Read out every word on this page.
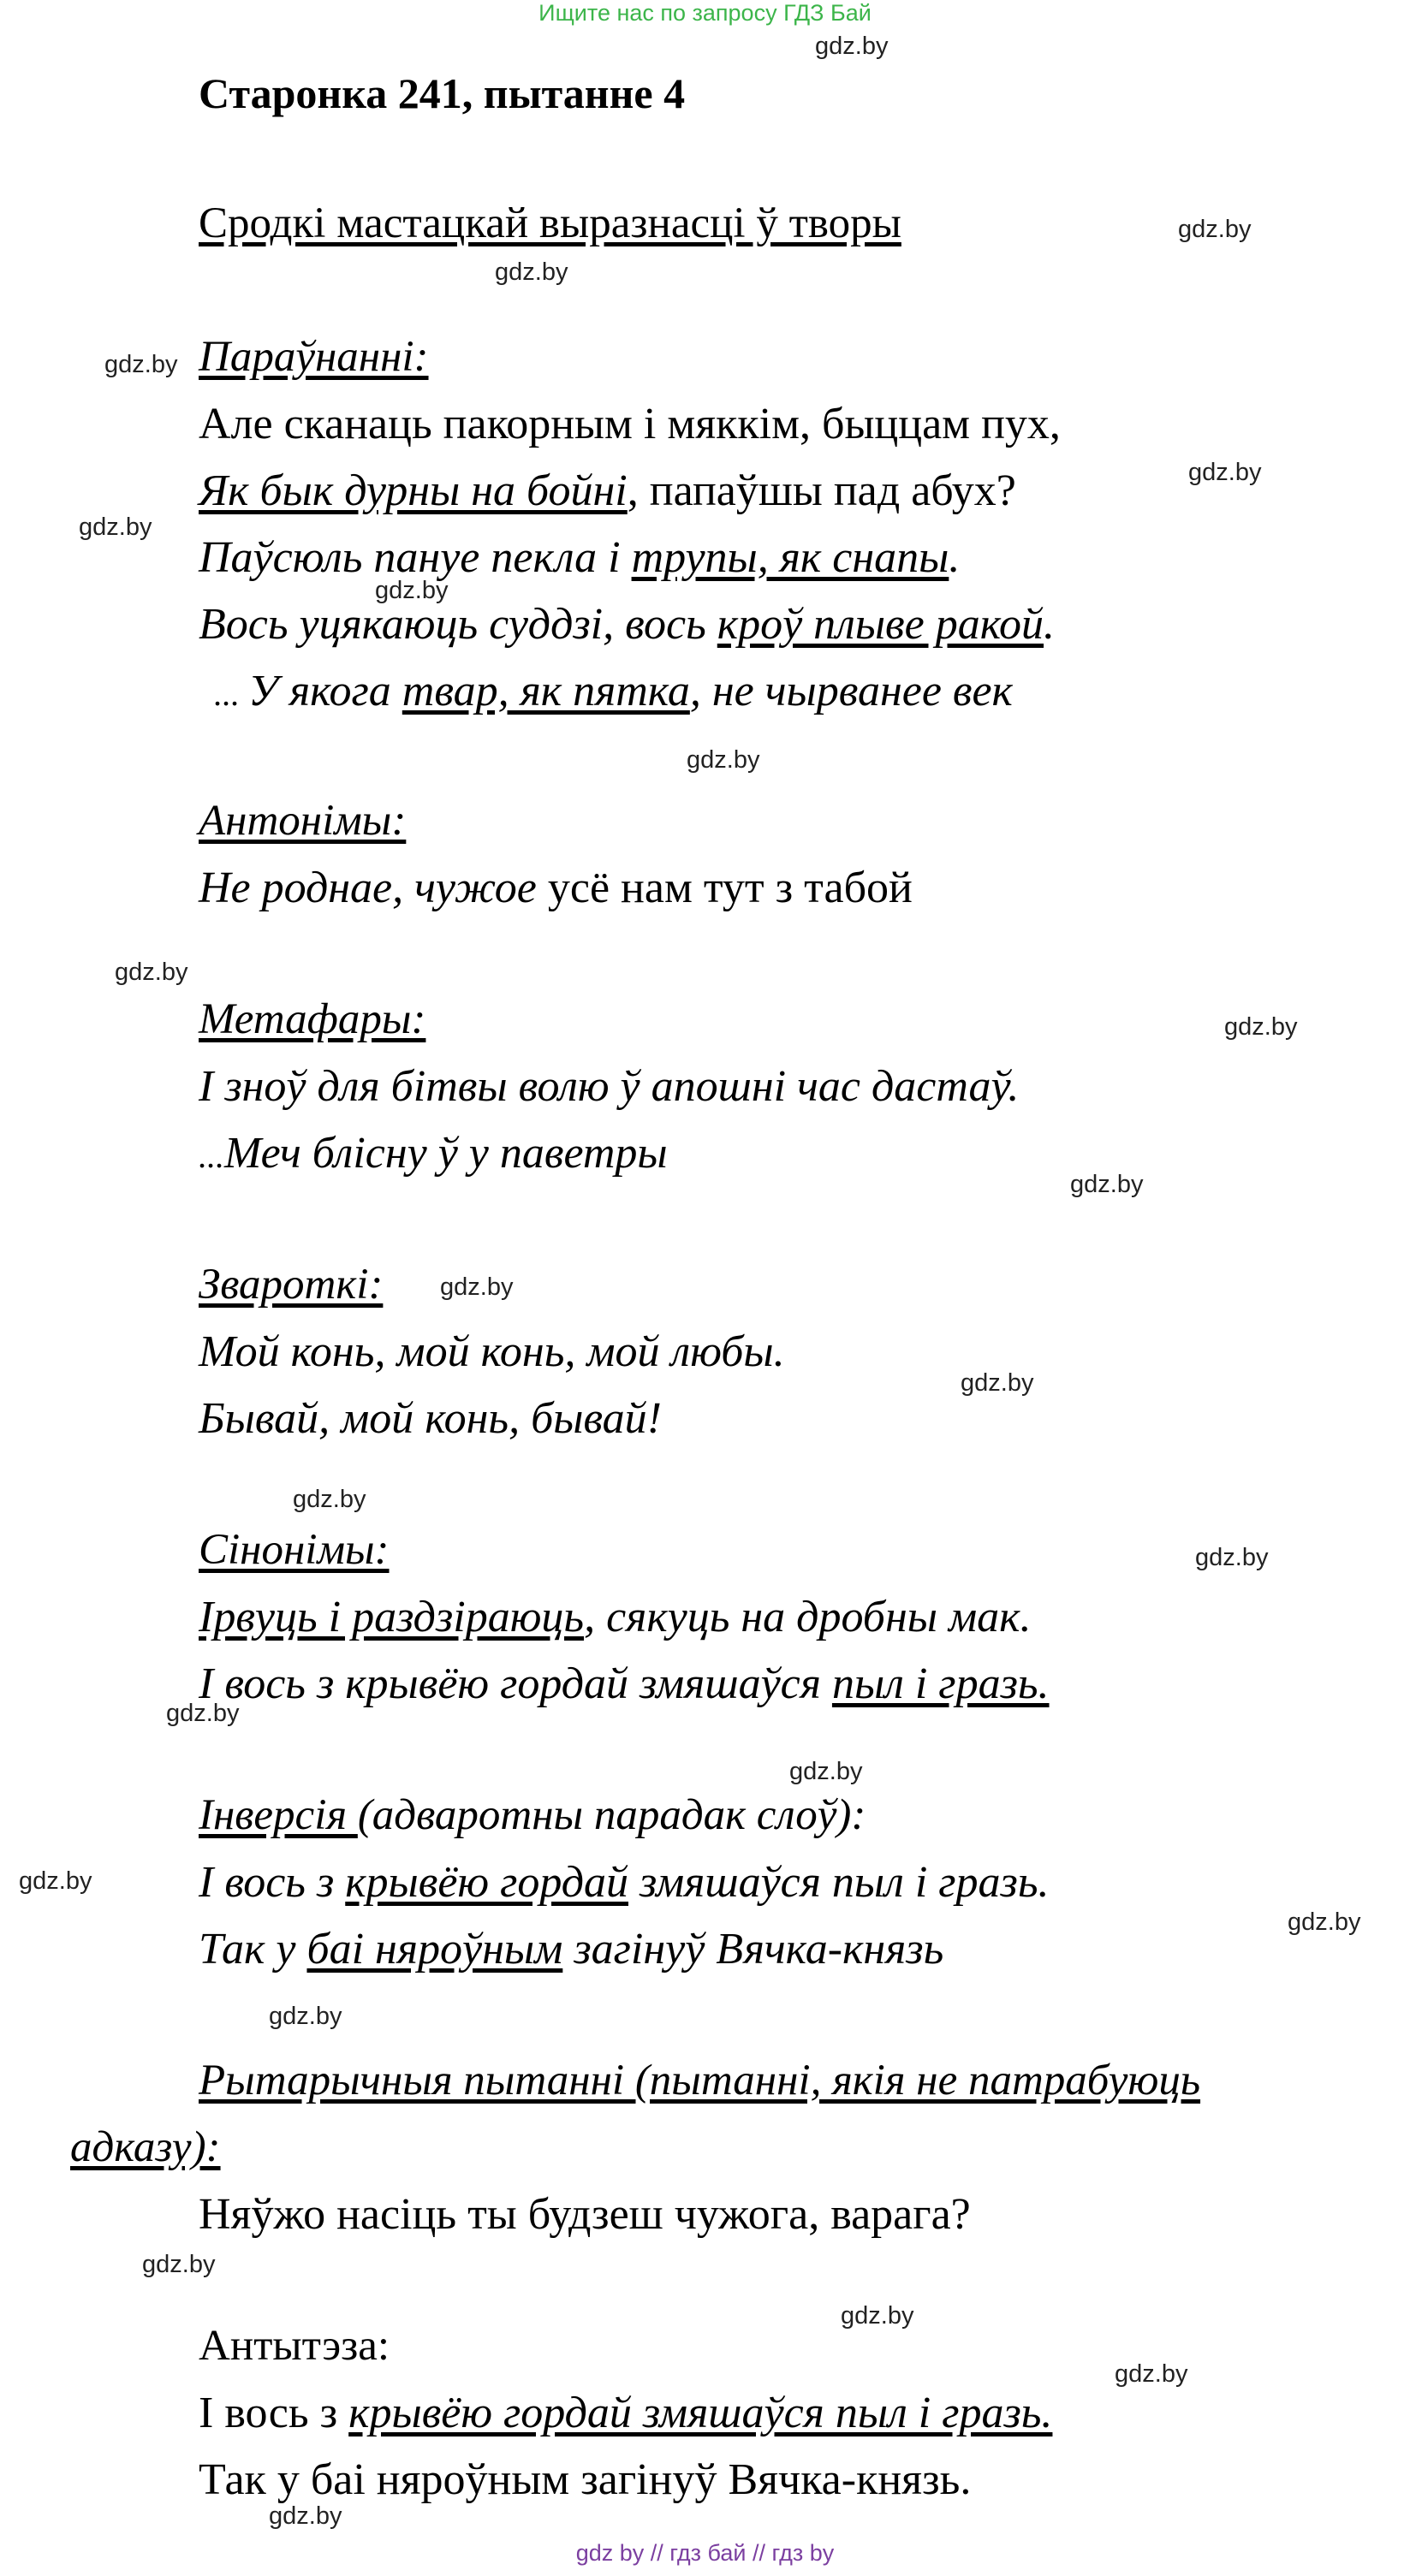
Ищите нас по запросу ГДЗ Бай
Старонка 241, пытанне 4
Сродкі мастацкай выразнасці ў творы
gdz.by
gdz.by
gdz.by
gdz.by
gdz.by
gdz.by
gdz.by
gdz.by
gdz.by
gdz.by
gdz.by
gdz.by
gdz.by
gdz.by
gdz.by
gdz.by
gdz.by
gdz.by
gdz.by
gdz.by
gdz.by
gdz.by
gdz.by
gdz.by
Параўнанні:
Але сканаць пакорным і мяккім, быццам пух,
Як бык дурны на бойні, папаўшы пад абух?
Паўсюль пануе пекла і трупы, як снапы.
Вось уцякаюць суддзі, вось кроў плыве ракой.
... У якога твар, як пятка, не чырванее век
Антонімы:
Не роднае, чужое усё нам тут з табой
Метафары:
І зноў для бітвы волю ў апошні час дастаў.
...Меч блісну ў у паветры
Звароткі:
Мой конь, мой конь, мой любы.
Бывай, мой конь, бывай!
Сінонімы:
Ірвуць і раздзіраюць, сякуць на дробны мак.
І вось з крывёю гордай змяшаўся пыл і гразь.
Інверсія (адваротны парадак слоў):
І вось з крывёю гордай змяшаўся пыл і гразь.
Так у баі нярoўным загінуў Вячка-князь
Рытарычныя пытанні (пытанні, якія не патрабуюць
адказу):
Няўжо насіць ты будзеш чужога, варага?
Антытэза:
І вось з крывёю гордай змяшаўся пыл і гразь.
Так у баі няроўным загінуў Вячка-князь.
gdz by // гдз бай // гдз by
